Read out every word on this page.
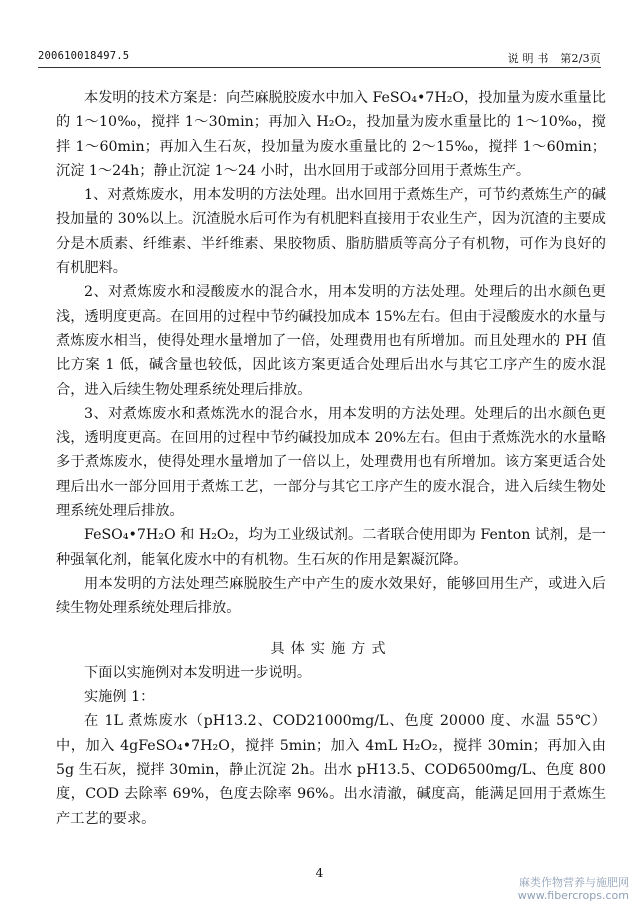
200610018497.5	说 明 书 第2/3页

本发明的技术方案是：向苎麻脱胶废水中加入 FeSO₄•7H₂O，投加量为废水重量比的 1～10‰，搅拌 1～30min；再加入 H₂O₂，投加量为废水重量比的 1～10‰，搅拌 1～60min；再加入生石灰，投加量为废水重量比的 2～15‰，搅拌 1～60min；沉淀 1～24h；静止沉淀 1～24 小时，出水回用于或部分回用于煮炼生产。

1、对煮炼废水，用本发明的方法处理。出水回用于煮炼生产，可节约煮炼生产的碱投加量的 30%以上。沉渣脱水后可作为有机肥料直接用于农业生产，因为沉渣的主要成分是木质素、纤维素、半纤维素、果胶物质、脂肪腊质等高分子有机物，可作为良好的有机肥料。

2、对煮炼废水和浸酸废水的混合水，用本发明的方法处理。处理后的出水颜色更浅，透明度更高。在回用的过程中节约碱投加成本 15%左右。但由于浸酸废水的水量与煮炼废水相当，使得处理水量增加了一倍，处理费用也有所增加。而且处理水的 PH 值比方案 1 低，碱含量也较低，因此该方案更适合处理后出水与其它工序产生的废水混合，进入后续生物处理系统处理后排放。

3、对煮炼废水和煮炼洗水的混合水，用本发明的方法处理。处理后的出水颜色更浅，透明度更高。在回用的过程中节约碱投加成本 20%左右。但由于煮炼洗水的水量略多于煮炼废水，使得处理水量增加了一倍以上，处理费用也有所增加。该方案更适合处理后出水一部分回用于煮炼工艺，一部分与其它工序产生的废水混合，进入后续生物处理系统处理后排放。

FeSO₄•7H₂O 和 H₂O₂，均为工业级试剂。二者联合使用即为 Fenton 试剂，是一种强氧化剂，能氧化废水中的有机物。生石灰的作用是絮凝沉降。

用本发明的方法处理苎麻脱胶生产中产生的废水效果好，能够回用生产，或进入后续生物处理系统处理后排放。

具体实施方式

下面以实施例对本发明进一步说明。

实施例 1：

在 1L 煮炼废水（pH13.2、COD21000mg/L、色度 20000 度、水温 55℃）中，加入 4gFeSO₄•7H₂O，搅拌 5min；加入 4mL H₂O₂，搅拌 30min；再加入由 5g 生石灰，搅拌 30min，静止沉淀 2h。出水 pH13.5、COD6500mg/L、色度 800 度，COD 去除率 69%，色度去除率 96%。出水清澈，碱度高，能满足回用于煮炼生产工艺的要求。

4
麻类作物营养与施肥网
www.fibercrops.com
